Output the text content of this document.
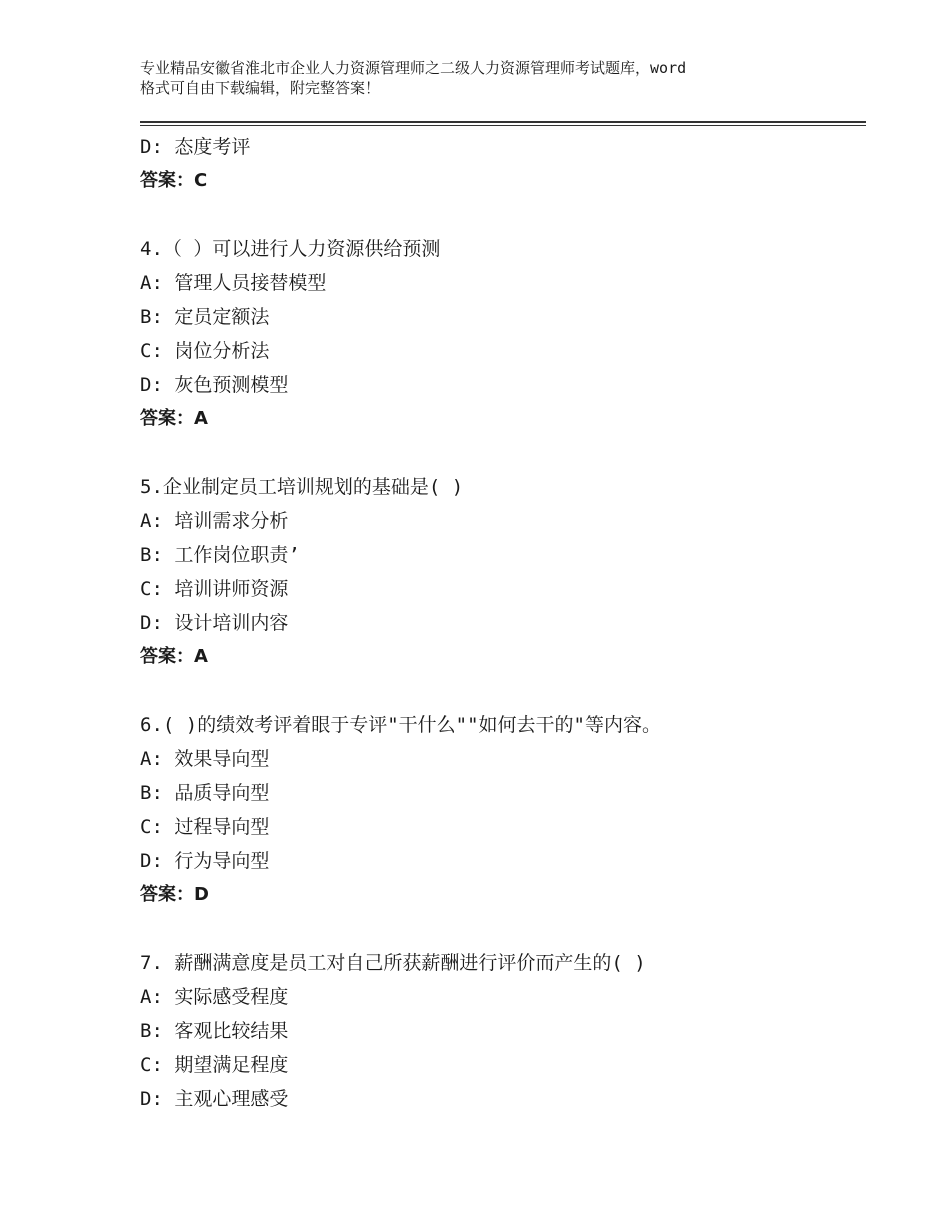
专业精品安徽省淮北市企业人力资源管理师之二级人力资源管理师考试题库，word
格式可自由下载编辑，附完整答案！
D: 态度考评
答案：C
4.（ ）可以进行人力资源供给预测
A: 管理人员接替模型
B: 定员定额法
C: 岗位分析法
D: 灰色预测模型
答案：A
5.企业制定员工培训规划的基础是( )
A: 培训需求分析
B: 工作岗位职责’
C: 培训讲师资源
D: 设计培训内容
答案：A
6.( )的绩效考评着眼于专评"干什么""如何去干的"等内容。
A: 效果导向型
B: 品质导向型
C: 过程导向型
D: 行为导向型
答案：D
7. 薪酬满意度是员工对自己所获薪酬进行评价而产生的( )
A: 实际感受程度
B: 客观比较结果
C: 期望满足程度
D: 主观心理感受
